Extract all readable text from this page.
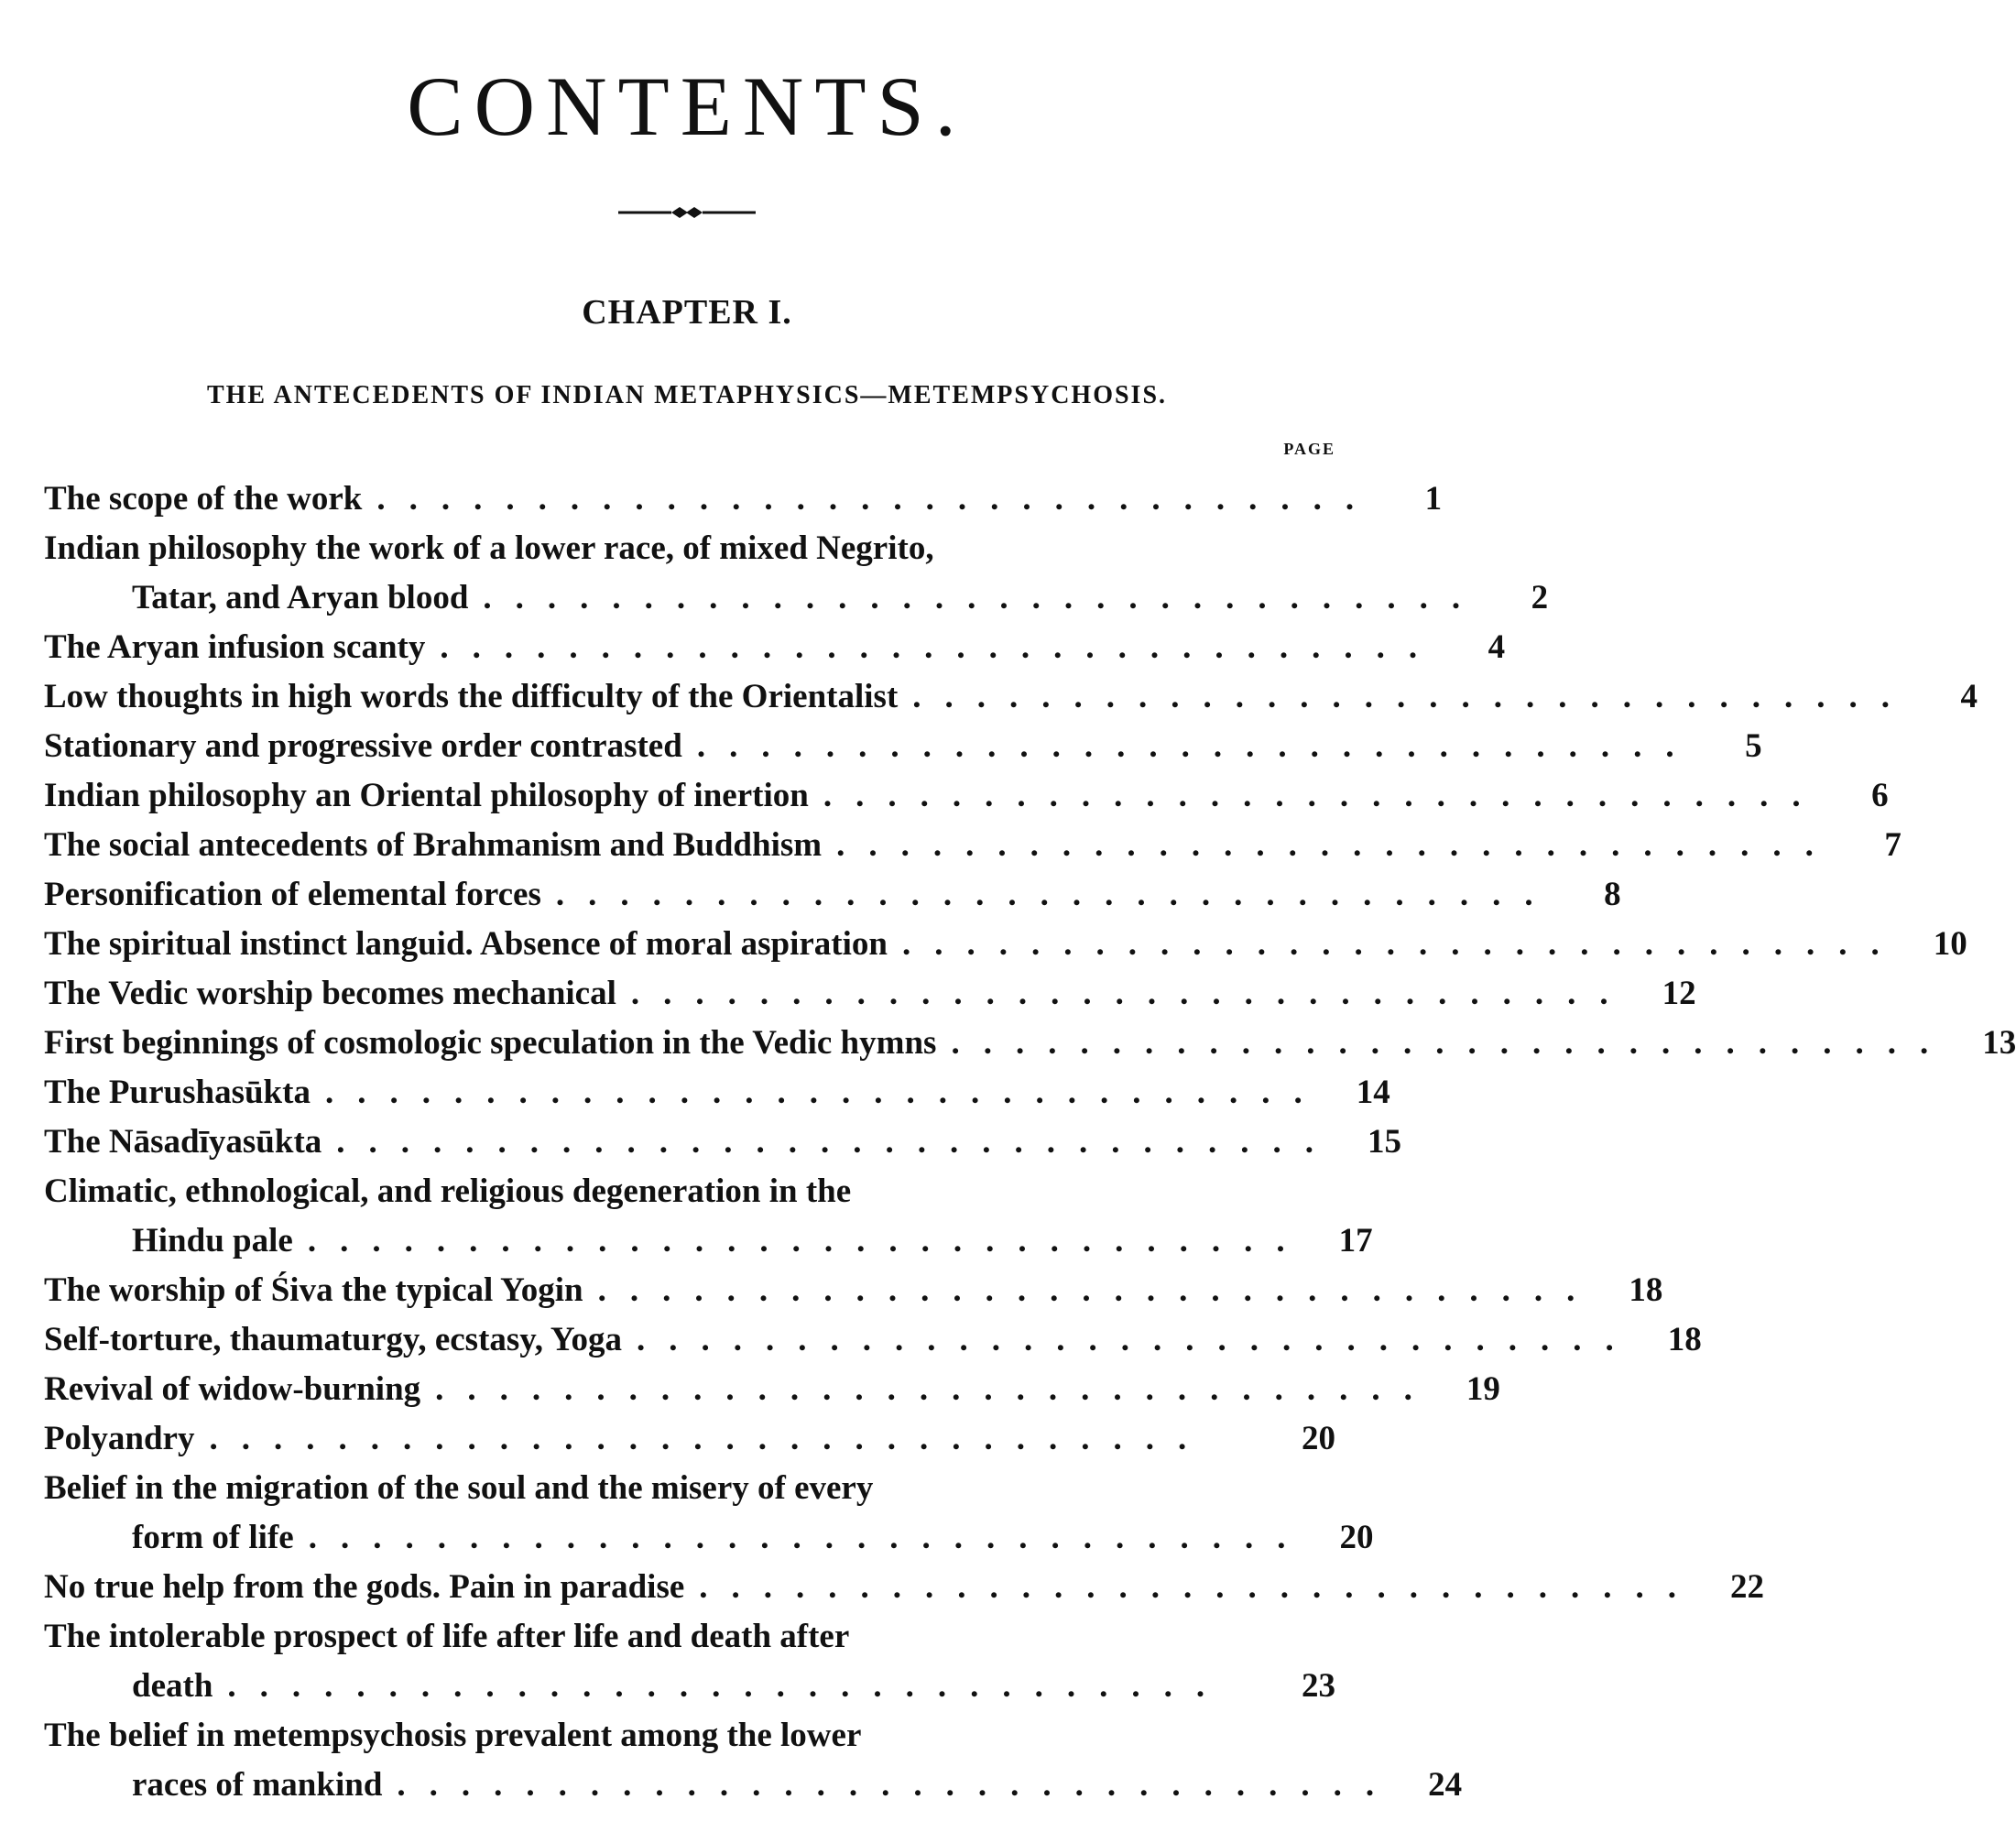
CONTENTS.
CHAPTER I.
THE ANTECEDENTS OF INDIAN METAPHYSICS—METEMPSYCHOSIS.
PAGE
The scope of the work ...............................	1
Indian philosophy the work of a lower race, of mixed Negrito,
Tatar, and Aryan blood ...............................	2
The Aryan infusion scanty ...............................	4
Low thoughts in high words the difficulty of the Orientalist ...............................	4
Stationary and progressive order contrasted ...............................	5
Indian philosophy an Oriental philosophy of inertion ...............................	6
The social antecedents of Brahmanism and Buddhism ...............................	7
Personification of elemental forces ...............................	8
The spiritual instinct languid. Absence of moral aspiration ............................... 10
The Vedic worship becomes mechanical ............................... 12
First beginnings of cosmologic speculation in the Vedic hymns ............................... 13
The Purushasūkta ............................... 14
The Nāsadīyasūkta ............................... 15
Climatic, ethnological, and religious degeneration in the
Hindu pale ............................... 17
The worship of Śiva the typical Yogin ............................... 18
Self-torture, thaumaturgy, ecstasy, Yoga ............................... 18
Revival of widow-burning ............................... 19
Polyandry ...............................	20
Belief in the migration of the soul and the misery of every
form of life ............................... 20
No true help from the gods. Pain in paradise ............................... 22
The intolerable prospect of life after life and death after
death ...............................	23
The belief in metempsychosis prevalent among the lower
races of mankind ............................... 24
